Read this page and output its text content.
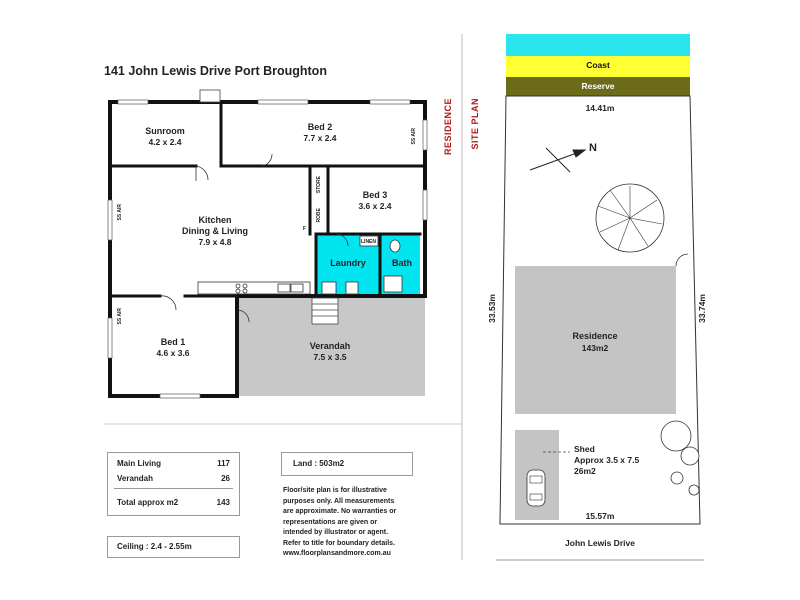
141 John Lewis Drive Port Broughton
Sunroom
4.2 x 2.4
Bed 2
7.7 x 2.4
Bed 3
3.6 x 2.4
Kitchen
Dining & Living
7.9 x 4.8
Laundry	Bath
Bed 1
4.6 x 3.6
Verandah
7.5 x 3.5
STORE
ROBE
LINEN
SS AIR
SS AIR
SS AIR
F
RESIDENCE SITE PLAN
Main Living	117
Verandah	26
Total approx m2	143
Ceiling : 2.4 - 2.55m
Land : 503m2
Floor/site plan is for illustrative
purposes only. All measurements
are approximate. No warranties or
representations are given or
intended by illustrator or agent.
Refer to title for boundary details.
www.floorplansandmore.com.au
Coast
Reserve
14.41m
15.57m
33.53m	33.74m
N
Residence
143m2
Shed
Approx 3.5 x 7.5
26m2
John Lewis Drive
